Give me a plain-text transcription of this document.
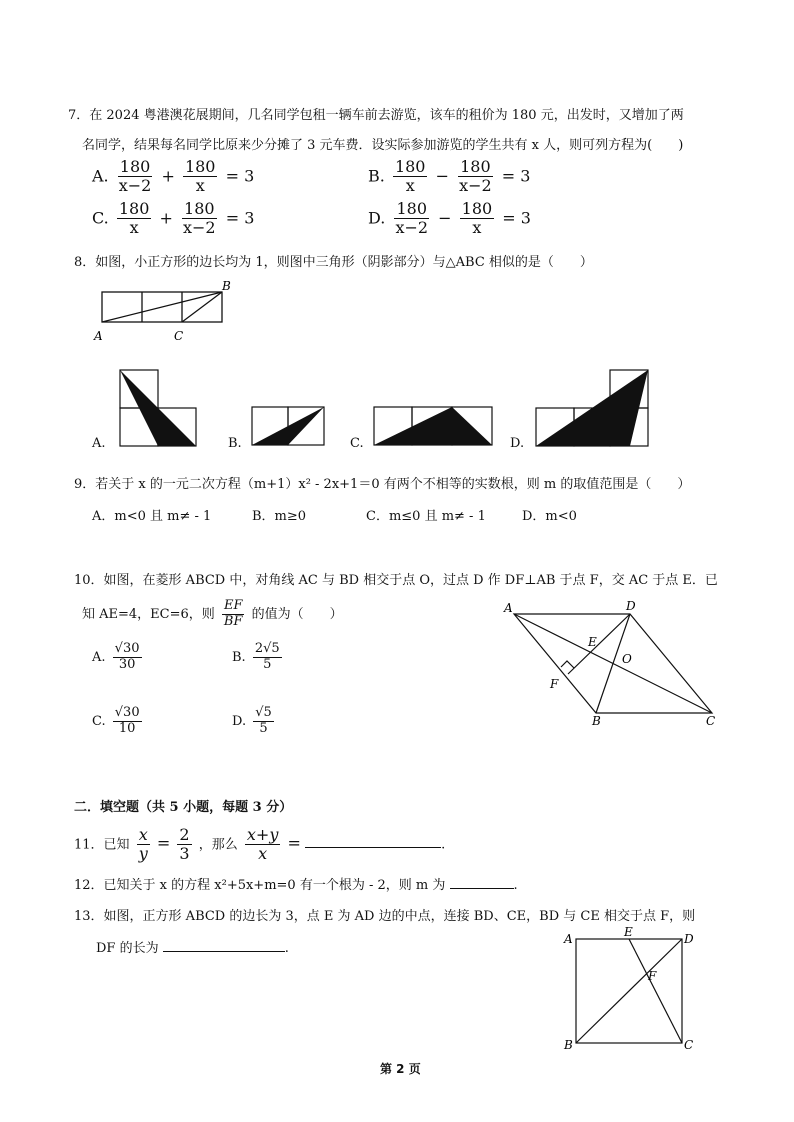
7．在 2024 粤港澳花展期间，几名同学包租一辆车前去游览，该车的租价为 180 元，出发时，又增加了两
名同学，结果每名同学比原来少分摊了 3 元车费．设实际参加游览的学生共有 x 人，则可列方程为(　　)
A. $\frac{180}{x-2} + \frac{180}{x} = 3$	B. $\frac{180}{x} - \frac{180}{x-2} = 3$
C. $\frac{180}{x} + \frac{180}{x-2} = 3$	D. $\frac{180}{x-2} - \frac{180}{x} = 3$
8．如图，小正方形的边长均为 1，则图中三角形（阴影部分）与△ABC 相似的是（　　）
B
A	C
A.	B.	C.	D.
9．若关于 x 的一元二次方程（m+1）x² - 2x+1＝0 有两个不相等的实数根，则 m 的取值范围是（　　）
A．m<0 且 m≠ - 1	B．m≥0	C．m≤0 且 m≠ - 1	D．m<0
10．如图，在菱形 ABCD 中，对角线 AC 与 BD 相交于点 O，过点 D 作 DF⊥AB 于点 F，交 AC 于点 E．已
知 AE=4，EC=6，则 $\frac{EF}{BF}$ 的值为（　　）
A. $\frac{√30}{30}$	B. $\frac{2√5}{5}$
C. $\frac{√30}{10}$	D. $\frac{√5}{5}$
A	D
B	C
E
F
O
二．填空题（共 5 小题，每题 3 分）
11．已知 $\frac{x}{y} = \frac{2}{3}$ ，那么 $\frac{x+y}{x}$ =	.
12．已知关于 x 的方程 x²+5x+m=0 有一个根为 - 2，则 m 为	.
13．如图，正方形 ABCD 的边长为 3，点 E 为 AD 边的中点，连接 BD、CE，BD 与 CE 相交于点 F，则
DF 的长为	.
A	E	D
F
B	C
第 2 页
